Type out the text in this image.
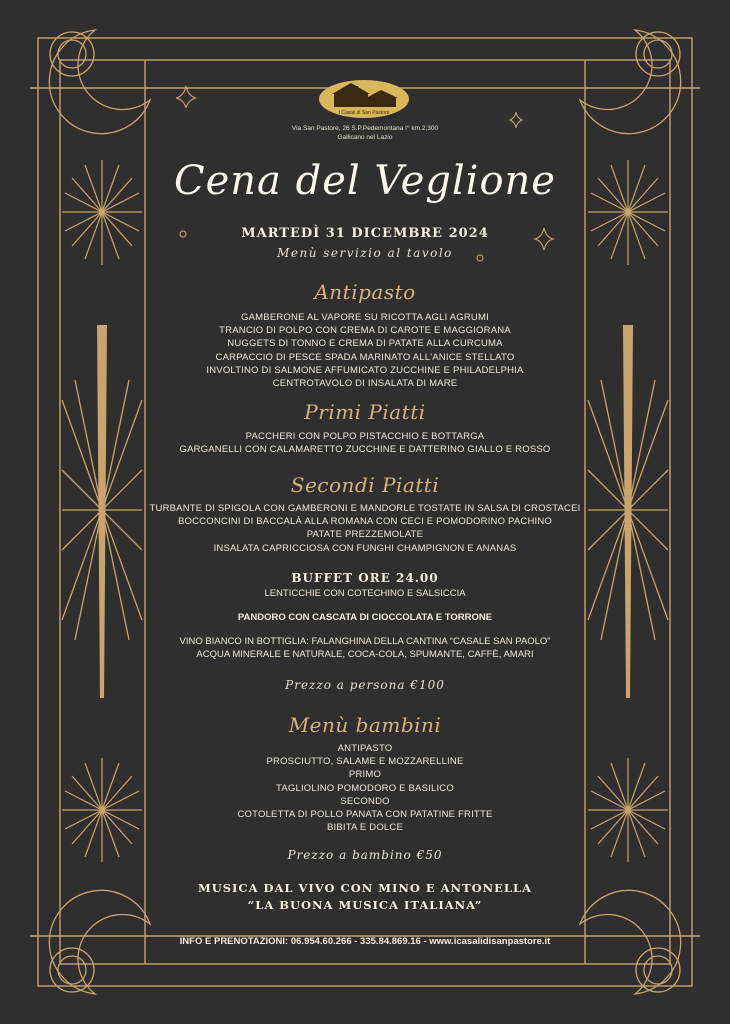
I Casali di San Pastore
Via San Pastore, 26 S.P.Pedemontana I° km.2,300
Gallicano nel Lazio
Cena del Veglione
MARTEDÌ 31 DICEMBRE 2024
Menù servizio al tavolo
Antipasto
GAMBERONE AL VAPORE SU RICOTTA AGLI AGRUMI
TRANCIO DI POLPO CON CREMA DI CAROTE E MAGGIORANA
NUGGETS DI TONNO E CREMA DI PATATE ALLA CURCUMA
CARPACCIO DI PESCE SPADA MARINATO ALL'ANICE STELLATO
INVOLTINO DI SALMONE AFFUMICATO ZUCCHINE E PHILADELPHIA
CENTROTAVOLO DI INSALATA DI MARE
Primi Piatti
PACCHERI CON POLPO PISTACCHIO E BOTTARGA
GARGANELLI CON CALAMARETTO ZUCCHINE E DATTERINO GIALLO E ROSSO
Secondi Piatti
TURBANTE DI SPIGOLA CON GAMBERONI E MANDORLE TOSTATE IN SALSA DI CROSTACEI
BOCCONCINI DI BACCALÀ ALLA ROMANA CON CECI E POMODORINO PACHINO
PATATE PREZZEMOLATE
INSALATA CAPRICCIOSA CON FUNGHI CHAMPIGNON E ANANAS
BUFFET ORE 24.00
LENTICCHIE CON COTECHINO E SALSICCIA
PANDORO CON CASCATA DI CIOCCOLATA E TORRONE
VINO BIANCO IN BOTTIGLIA: FALANGHINA DELLA CANTINA “CASALE SAN PAOLO”
ACQUA MINERALE E NATURALE, COCA-COLA, SPUMANTE, CAFFÈ, AMARI
Prezzo a persona €100
Menù bambini
ANTIPASTO
PROSCIUTTO, SALAME E MOZZARELLINE
PRIMO
TAGLIOLINO POMODORO E BASILICO
SECONDO
COTOLETTA DI POLLO PANATA CON PATATINE FRITTE
BIBITA E DOLCE
Prezzo a bambino €50
MUSICA DAL VIVO CON MINO E ANTONELLA
“LA BUONA MUSICA ITALIANA”
INFO E PRENOTAZIONI: 06.954.60.266 - 335.84.869.16 - www.icasalidisanpastore.it
